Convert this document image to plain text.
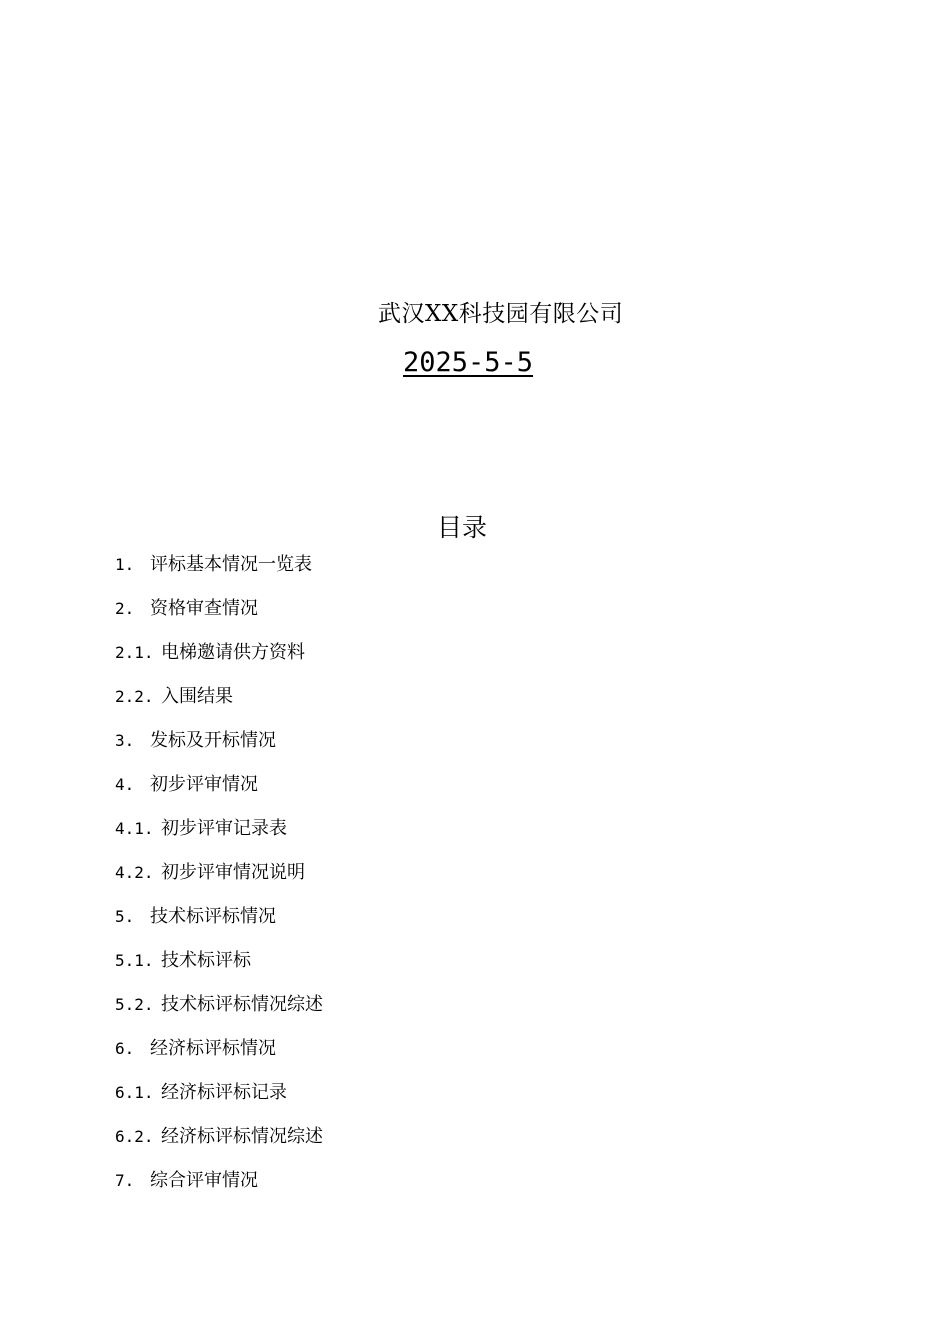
武汉XX科技园有限公司
2025-5-5
目录
1. 评标基本情况一览表
2. 资格审查情况
2.1. 电梯邀请供方资料
2.2. 入围结果
3. 发标及开标情况
4. 初步评审情况
4.1. 初步评审记录表
4.2. 初步评审情况说明
5. 技术标评标情况
5.1. 技术标评标
5.2. 技术标评标情况综述
6. 经济标评标情况
6.1. 经济标评标记录
6.2. 经济标评标情况综述
7. 综合评审情况
